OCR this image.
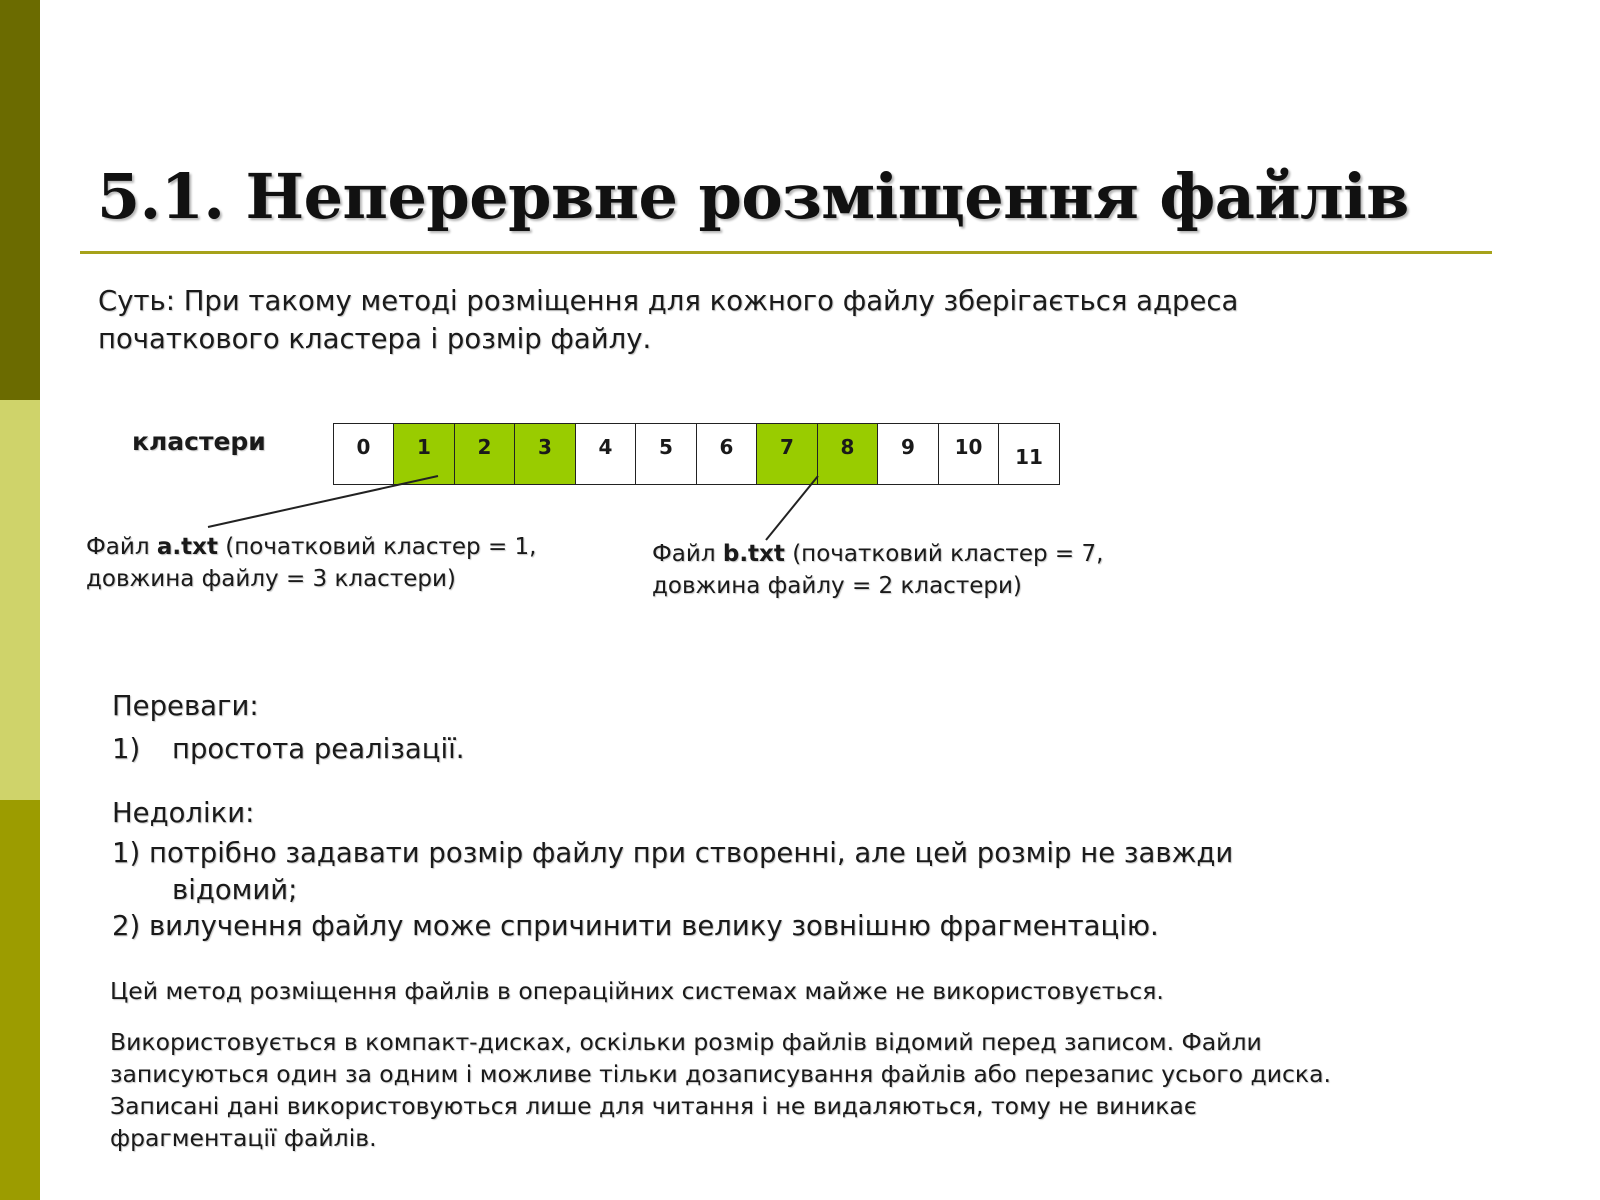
5.1. Неперервне розміщення файлів
Суть: При такому методі розміщення для кожного файлу зберігається адреса
початкового кластера і розмір файлу.
кластери	0	1	2	3	4	5	6	7	8	9	10	11
Файл a.txt (початковий кластер = 1,
довжина файлу = 3 кластери)
Файл b.txt (початковий кластер = 7,
довжина файлу = 2 кластери)
Переваги:
1) простота реалізації.
Недоліки:
1) потрібно задавати розмір файлу при створенні, але цей розмір не завжди
відомий;
2) вилучення файлу може спричинити велику зовнішню фрагментацію.
Цей метод розміщення файлів в операційних системах майже не використовується.
Використовується в компакт-дисках, оскільки розмір файлів відомий перед записом. Файли
записуються один за одним і можливе тільки дозаписування файлів або перезапис усього диска.
Записані дані використовуються лише для читання і не видаляються, тому не виникає
фрагментації файлів.
